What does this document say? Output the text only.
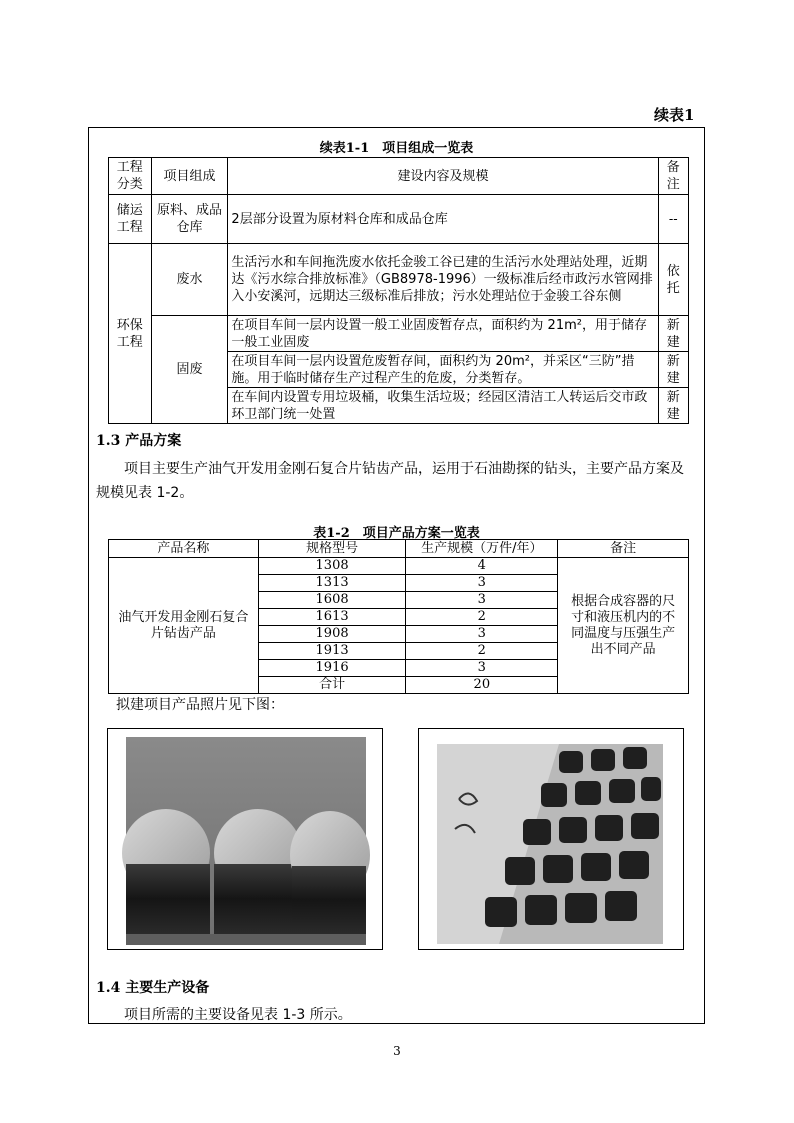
续表1
续表1-1　项目组成一览表
工程分类	项目组成	建设内容及规模	备注
储运工程	原料、成品仓库	2层部分设置为原材料仓库和成品仓库	--
环保工程	废水	生活污水和车间拖洗废水依托金骏工谷已建的生活污水处理站处理，近期达《污水综合排放标准》（GB8978-1996）一级标准后经市政污水管网排入小安溪河，远期达三级标准后排放；污水处理站位于金骏工谷东侧	依托
	固废	在项目车间一层内设置一般工业固废暂存点，面积约为 21m²，用于储存一般工业固废	新建
		在项目车间一层内设置危废暂存间，面积约为 20m²，并采区“三防”措施。用于临时储存生产过程产生的危废，分类暂存。	新建
		在车间内设置专用垃圾桶，收集生活垃圾；经园区清洁工人转运后交市政环卫部门统一处置	新建
1.3 产品方案
项目主要生产油气开发用金刚石复合片钻齿产品，运用于石油勘探的钻头，主要产品方案及规模见表 1-2。
表1-2　项目产品方案一览表
产品名称	规格型号	生产规模（万件/年）	备注
油气开发用金刚石复合片钻齿产品	1308	4	根据合成容器的尺寸和液压机内的不同温度与压强生产出不同产品
	1313	3	
	1608	3	
	1613	2	
	1908	3	
	1913	2	
	1916	3	
	合计	20	
拟建项目产品照片见下图：
1.4 主要生产设备
项目所需的主要设备见表 1-3 所示。
3
